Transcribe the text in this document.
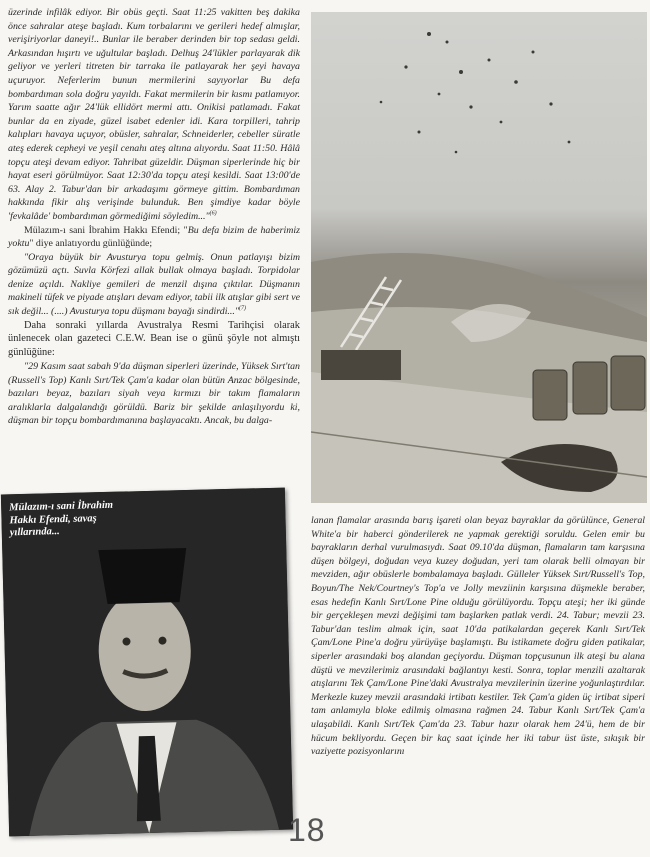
üzerinde infilâk ediyor. Bir obüs geçti. Saat 11:25 vakitten beş dakika önce sahralar ateşe başladı. Kum torbalarını ve gerileri hedef almışlar, verişiriyorlar daneyi!.. Bunlar ile beraber derinden bir top sedası geldi. Arkasından hışırtı ve uğultular başladı. Delhuş 24'lükler parlayarak dik geliyor ve yerleri titreten bir tarraka ile patlayarak her şeyi havaya uçuruyor. Neferlerim bunun mermilerini sayıyorlar Bu defa bombardıman sola doğru yayıldı. Fakat mermilerin bir kısmı patlamıyor. Yarım saatte ağır 24'lük ellidört mermi attı. Onikisi patlamadı. Fakat bunlar da en ziyade, güzel isabet edenler idi. Kara torpilleri, tahrip kalıpları havaya uçuyor, obüsler, sahralar, Schneiderler, cebeller süratle ateş ederek cepheyi ve yeşil cenahı ateş altına alıyordu. Saat 11:50. Hâlâ topçu ateşi devam ediyor. Tahribat güzeldir. Düşman siperlerinde hiç bir hayat eseri görülmüyor. Saat 12:30'da topçu ateşi kesildi. Saat 13:00'de 63. Alay 2. Tabur'dan bir arkadaşımı görmeye gittim. Bombardıman hakkında fikir alış verişinde bulunduk. Ben şimdiye kadar böyle 'fevkalâde' bombardıman görmediğimi söyledim..."$^{(6)}$

Mülazım-ı sani İbrahim Hakkı Efendi; "Bu defa bizim de haberimiz yoktu" diye anlatıyordu günlüğünde;

"Oraya büyük bir Avusturya topu gelmiş. Onun patlayışı bizim gözümüzü açtı. Suvla Körfezi allak bullak olmaya başladı. Torpidolar denize açıldı. Nakliye gemileri de menzil dışına çıktılar. Düşmanın makineli tüfek ve piyade atışları devam ediyor, tabii ilk atışlar gibi sert ve sık değil... (....) Avusturya topu düşmanı bayağı sindirdi..."$^{(7)}$

Daha sonraki yıllarda Avustralya Resmi Tarihçisi olarak ünlenecek olan gazeteci C.E.W. Bean ise o günü şöyle not almıştı günlüğüne:

"29 Kasım saat sabah 9'da düşman siperleri üzerinde, Yüksek Sırt'tan (Russell's Top) Kanlı Sırt/Tek Çam'a kadar olan bütün Anzac bölgesinde, bazıları beyaz, bazıları siyah veya kırmızı bir takım flamaların aralıklarla dalgalandığı görüldü. Bariz bir şekilde anlaşılıyordu ki, düşman bir topçu bombardımanına başlayacaktı. Ancak, bu dalga-

Mülazım-ı sani İbrahim Hakkı Efendi, savaş yıllarında...

lanan flamalar arasında barış işareti olan beyaz bayraklar da görülünce, General White'a bir haberci gönderilerek ne yapmak gerektiği soruldu. Gelen emir bu bayrakların derhal vurulmasıydı. Saat 09.10'da düşman, flamaların tam karşısına düşen bölgeyi, doğudan veya kuzey doğudan, yeri tam olarak belli olmayan bir mevziden, ağır obüslerle bombalamaya başladı. Gülleler Yüksek Sırt/Russell's Top, Boyun/The Nek/Courtney's Top'a ve Jolly mevziinin karşısına düşmekle beraber, esas hedefin Kanlı Sırt/Lone Pine olduğu görülüyordu. Topçu ateşi; her iki günde bir gerçekleşen mevzi değişimi tam başlarken patlak verdi. 24. Tabur; mevzii 23. Tabur'dan teslim almak için, saat 10'da patikalardan geçerek Kanlı Sırt/Tek Çam/Lone Pine'a doğru yürüyüşe başlamıştı. Bu istikamete doğru giden patikalar, siperler arasındaki boş alandan geçiyordu. Düşman topçusunun ilk ateşi bu alana düştü ve mevzilerimiz arasındaki bağlantıyı kesti. Sonra, toplar menzili azaltarak atışlarını Tek Çam/Lone Pine'daki Avustralya mevzilerinin üzerine yoğunlaştırdılar. Merkezle kuzey mevzii arasındaki irtibatı kestiler. Tek Çam'a giden üç irtibat siperi tam anlamıyla bloke edilmiş olmasına rağmen 24. Tabur Kanlı Sırt/Tek Çam'a ulaşabildi. Kanlı Sırt/Tek Çam'da 23. Tabur hazır olarak hem 24'ü, hem de bir hücum bekliyordu. Geçen bir kaç saat içinde her iki tabur üst üste, sıkışık bir vaziyette pozisyonlarını

18
